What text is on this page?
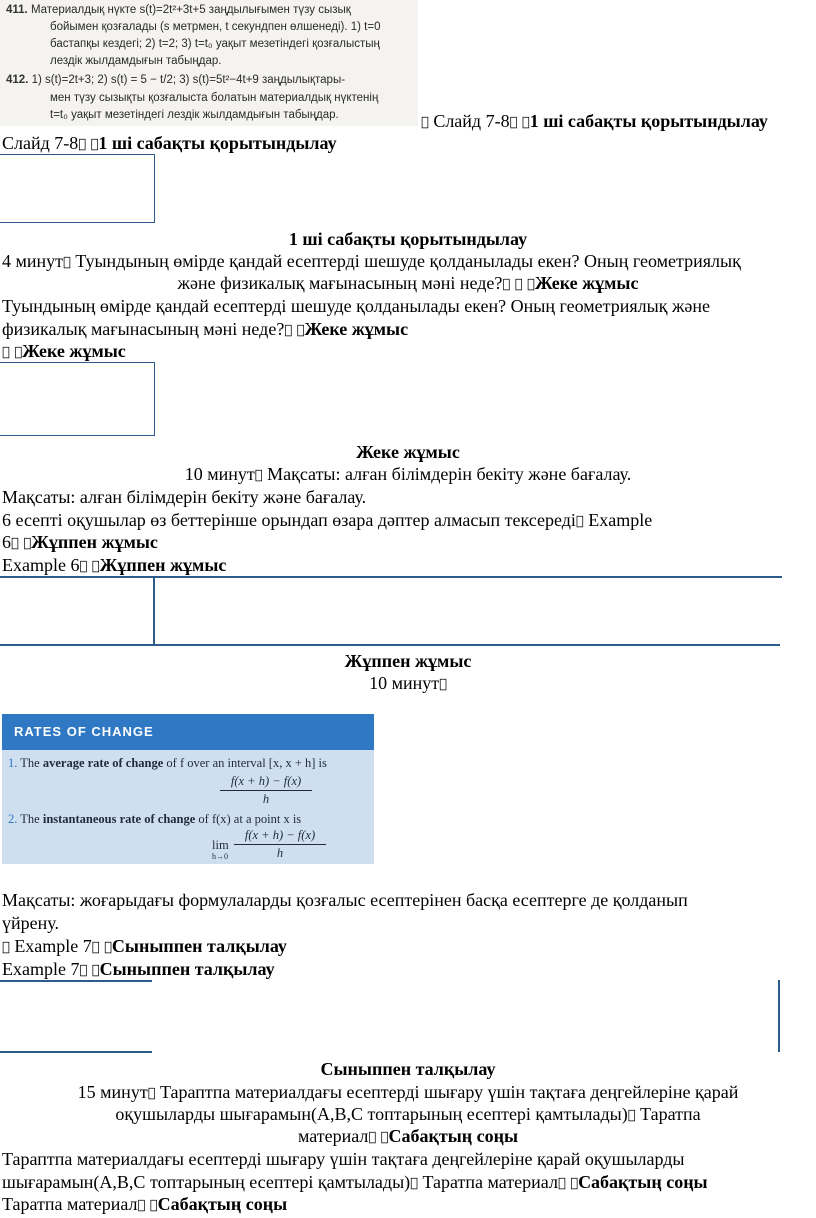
411. Материалдық нүкте s(t)=2t²+3t+5 заңдылығымен түзу сызық
бойымен қозғалады (s метрмен, t секундпен өлшенеді). 1) t=0
бастапқы кездегі; 2) t=2; 3) t=t₀ уақыт мезетіндегі қозғалыстың
лездік жылдамдығын табыңдар.
412. 1) s(t)=2t+3; 2) s(t) = 5 − t/2; 3) s(t)=5t²−4t+9 заңдылықтары-
мен түзу сызықты қозғалыста болатын материалдық нүктенің
t=t₀ уақыт мезетіндегі лездік жылдамдығын табыңдар.	Слайд 7-8 1 ші сабақты қорытындылау
Слайд 7-8 1 ші сабақты қорытындылау
1 ші сабақты қорытындылау
4 минут Туындының өмірде қандай есептерді шешуде қолданылады екен? Оның геометриялық
және физикалық мағынасының мәні неде? Жеке жұмыс
Туындының өмірде қандай есептерді шешуде қолданылады екен? Оның геометриялық және
физикалық мағынасының мәні неде? Жеке жұмыс
Жеке жұмыс
Жеке жұмыс
10 минут Мақсаты: алған білімдерін бекіту және бағалау.
Мақсаты: алған білімдерін бекіту және бағалау.
6 есепті оқушылар өз беттерінше орындап өзара дәптер алмасып тексереді Example
6 Жұппен жұмыс
Example 6 Жұппен жұмыс
Жұппен жұмыс
10 минут
RATES OF CHANGE
1. The average rate of change of f over an interval [x, x + h] is
f(x + h) − f(x)
h
2. The instantaneous rate of change of f(x) at a point x is
lim
h→0
f(x + h) − f(x)
h
Мақсаты: жоғарыдағы формулаларды қозғалыс есептерінен басқа есептерге де қолданып
үйрену.
Example 7 Сыныппен талқылау
Example 7 Сыныппен талқылау
Сыныппен талқылау
15 минут Тараптпа материалдағы есептерді шығару үшін тақтаға деңгейлеріне қарай
оқушыларды шығарамын(А,В,С топтарының есептері қамтылады) Таратпа
материал Сабақтың соңы
Тараптпа материалдағы есептерді шығару үшін тақтаға деңгейлеріне қарай оқушыларды
шығарамын(А,В,С топтарының есептері қамтылады) Таратпа материал Сабақтың соңы
Таратпа материал Сабақтың соңы
